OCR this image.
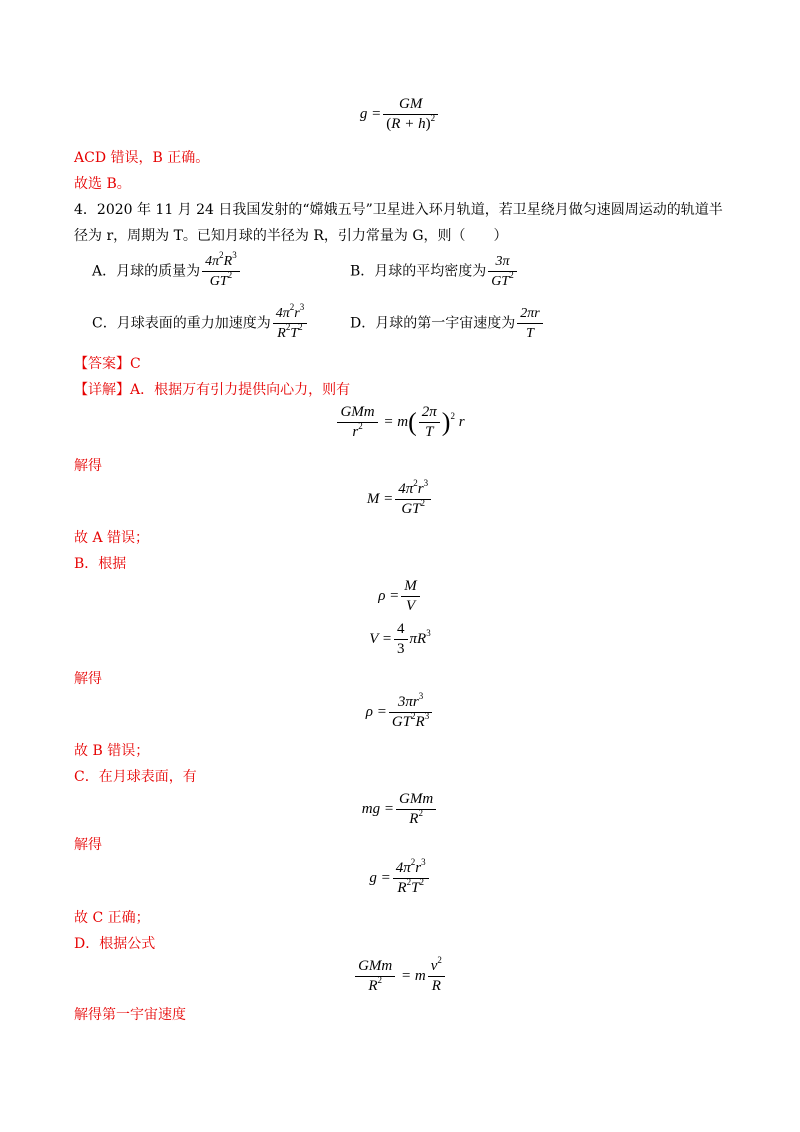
$g = \frac{GM}{(R + h)^2}$
ACD 错误，B 正确。
故选 B。
4．2020 年 11 月 24 日我国发射的“嫦娥五号”卫星进入环月轨道，若卫星绕月做匀速圆周运动的轨道半
径为 r，周期为 T。已知月球的半径为 R，引力常量为 G，则（　　）
A．月球的质量为 $\frac{4\pi^2R^3}{GT^2}$	B．月球的平均密度为 $\frac{3\pi}{GT^2}$
C．月球表面的重力加速度为 $\frac{4\pi^2r^3}{R^2T^2}$	D．月球的第一宇宙速度为 $\frac{2\pi r}{T}$
【答案】C
【详解】A．根据万有引力提供向心力，则有
$\frac{\text{GMm}}{r^2} = m( \frac{2\pi}{T} )^2$ r
解得
$M = \frac{4\pi^2r^3}{GT^2}$
故 A 错误；
B．根据
$\rho = \frac{M}{V}$
$V = \frac{4}{3} \pi R^3$
解得
$\rho = \frac{3\pi r^3}{GT^2R^3}$
故 B 错误；
C．在月球表面，有
mg = $\frac{\text{GMm}}{R^2}$
解得
$g = \frac{4\pi^2r^3}{R^2T^2}$
故 C 正确；
D．根据公式
$\frac{\text{GMm}}{R^2} = m \frac{v^2}{R}$
解得第一宇宙速度
